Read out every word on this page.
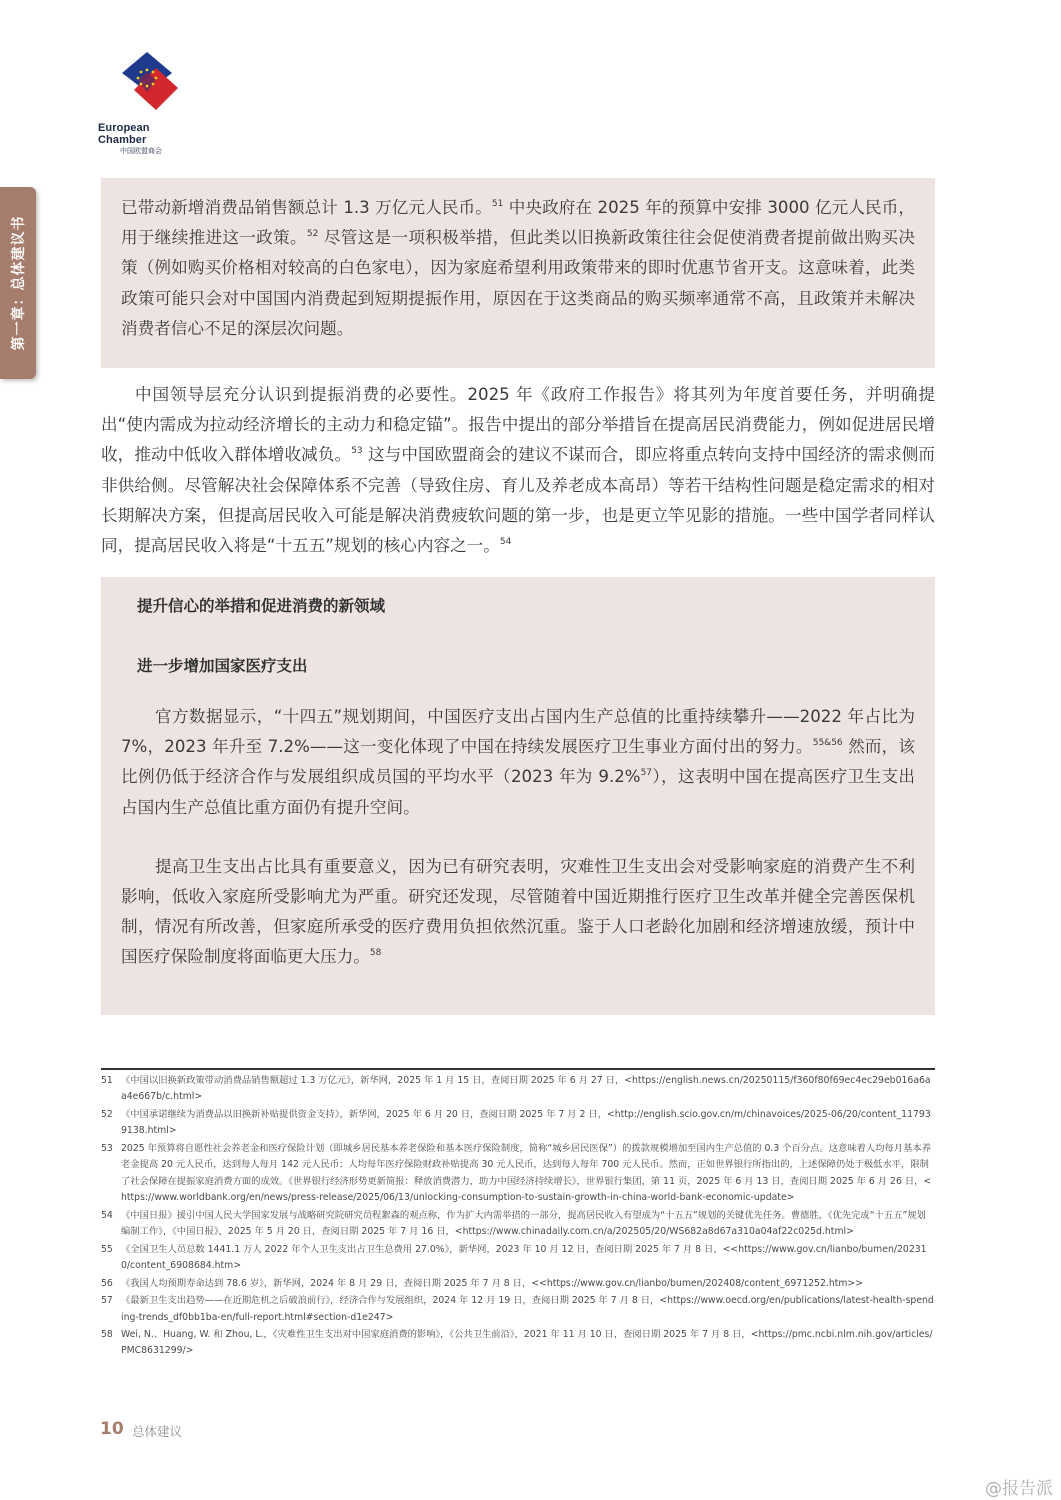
European Chamber
中国欧盟商会
第一章：总体建议书

已带动新增消费品销售额总计 1.3 万亿元人民币。$^{51}$ 中央政府在 2025 年的预算中安排 3000 亿元人民币，用于继续推进这一政策。$^{52}$ 尽管这是一项积极举措，但此类以旧换新政策往往会促使消费者提前做出购买决策（例如购买价格相对较高的白色家电），因为家庭希望利用政策带来的即时优惠节省开支。这意味着，此类政策可能只会对中国国内消费起到短期提振作用，原因在于这类商品的购买频率通常不高，且政策并未解决消费者信心不足的深层次问题。

中国领导层充分认识到提振消费的必要性。2025 年《政府工作报告》将其列为年度首要任务，并明确提出“使内需成为拉动经济增长的主动力和稳定锚”。报告中提出的部分举措旨在提高居民消费能力，例如促进居民增收，推动中低收入群体增收减负。$^{53}$ 这与中国欧盟商会的建议不谋而合，即应将重点转向支持中国经济的需求侧而非供给侧。尽管解决社会保障体系不完善（导致住房、育儿及养老成本高昂）等若干结构性问题是稳定需求的相对长期解决方案，但提高居民收入可能是解决消费疲软问题的第一步，也是更立竿见影的措施。一些中国学者同样认同，提高居民收入将是“十五五”规划的核心内容之一。$^{54}$

提升信心的举措和促进消费的新领域

进一步增加国家医疗支出

官方数据显示，“十四五”规划期间，中国医疗支出占国内生产总值的比重持续攀升——2022 年占比为 7%，2023 年升至 7.2%——这一变化体现了中国在持续发展医疗卫生事业方面付出的努力。$^{55\&56}$ 然而，该比例仍低于经济合作与发展组织成员国的平均水平（2023 年为 9.2%$^{57}$），这表明中国在提高医疗卫生支出占国内生产总值比重方面仍有提升空间。

提高卫生支出占比具有重要意义，因为已有研究表明，灾难性卫生支出会对受影响家庭的消费产生不利影响，低收入家庭所受影响尤为严重。研究还发现，尽管随着中国近期推行医疗卫生改革并健全完善医保机制，情况有所改善，但家庭所承受的医疗费用负担依然沉重。鉴于人口老龄化加剧和经济增速放缓，预计中国医疗保险制度将面临更大压力。$^{58}$

51 《中国以旧换新政策带动消费品销售额超过 1.3 万亿元》，新华网，2025 年 1 月 15 日，查阅日期 2025 年 6 月 27 日，<https://english.news.cn/20250115/f360f80f69ec4ec29eb016a6aa4e667b/c.html>
52 《中国承诺继续为消费品以旧换新补贴提供资金支持》，新华网，2025 年 6 月 20 日，查阅日期 2025 年 7 月 2 日，<http://english.scio.gov.cn/m/chinavoices/2025-06/20/content_117939138.html>
53 2025 年预算将自愿性社会养老金和医疗保险计划（即城乡居民基本养老保险和基本医疗保险制度，简称“城乡居民医保”）的拨款规模增加至国内生产总值的 0.3 个百分点。这意味着人均每月基本养老金提高 20 元人民币，达到每人每月 142 元人民币；人均每年医疗保险财政补贴提高 30 元人民币，达到每人每年 700 元人民币。然而，正如世界银行所指出的，上述保障仍处于极低水平，限制了社会保障在提振家庭消费方面的成效。《世界银行经济形势更新简报：释放消费潜力，助力中国经济持续增长》，世界银行集团，第 11 页，2025 年 6 月 13 日，查阅日期 2025 年 6 月 26 日，<https://www.worldbank.org/en/news/press-release/2025/06/13/unlocking-consumption-to-sustain-growth-in-china-world-bank-economic-update>
54 《中国日报》援引中国人民大学国家发展与战略研究院研究员程絮森的观点称，作为扩大内需举措的一部分，提高居民收入有望成为“十五五”规划的关键优先任务。曹德胜，《优先完成“十五五”规划编制工作》，《中国日报》，2025 年 5 月 20 日，查阅日期 2025 年 7 月 16 日，<https://www.chinadaily.com.cn/a/202505/20/WS682a8d67a310a04af22c025d.html>
55 《全国卫生人员总数 1441.1 万人 2022 年个人卫生支出占卫生总费用 27.0%》，新华网，2023 年 10 月 12 日，查阅日期 2025 年 7 月 8 日，<<https://www.gov.cn/lianbo/bumen/202310/content_6908684.htm>
56 《我国人均预期寿命达到 78.6 岁》，新华网，2024 年 8 月 29 日，查阅日期 2025 年 7 月 8 日，<<https://www.gov.cn/lianbo/bumen/202408/content_6971252.htm>>
57 《最新卫生支出趋势——在近期危机之后破浪前行》，经济合作与发展组织，2024 年 12 月 19 日，查阅日期 2025 年 7 月 8 日，<https://www.oecd.org/en/publications/latest-health-spending-trends_df0bb1ba-en/full-report.html#section-d1e247>
58 Wei, N.、Huang, W. 和 Zhou, L.，《灾难性卫生支出对中国家庭消费的影响》，《公共卫生前沿》，2021 年 11 月 10 日，查阅日期 2025 年 7 月 8 日，<https://pmc.ncbi.nlm.nih.gov/articles/PMC8631299/>
10 总体建议
@报告派
